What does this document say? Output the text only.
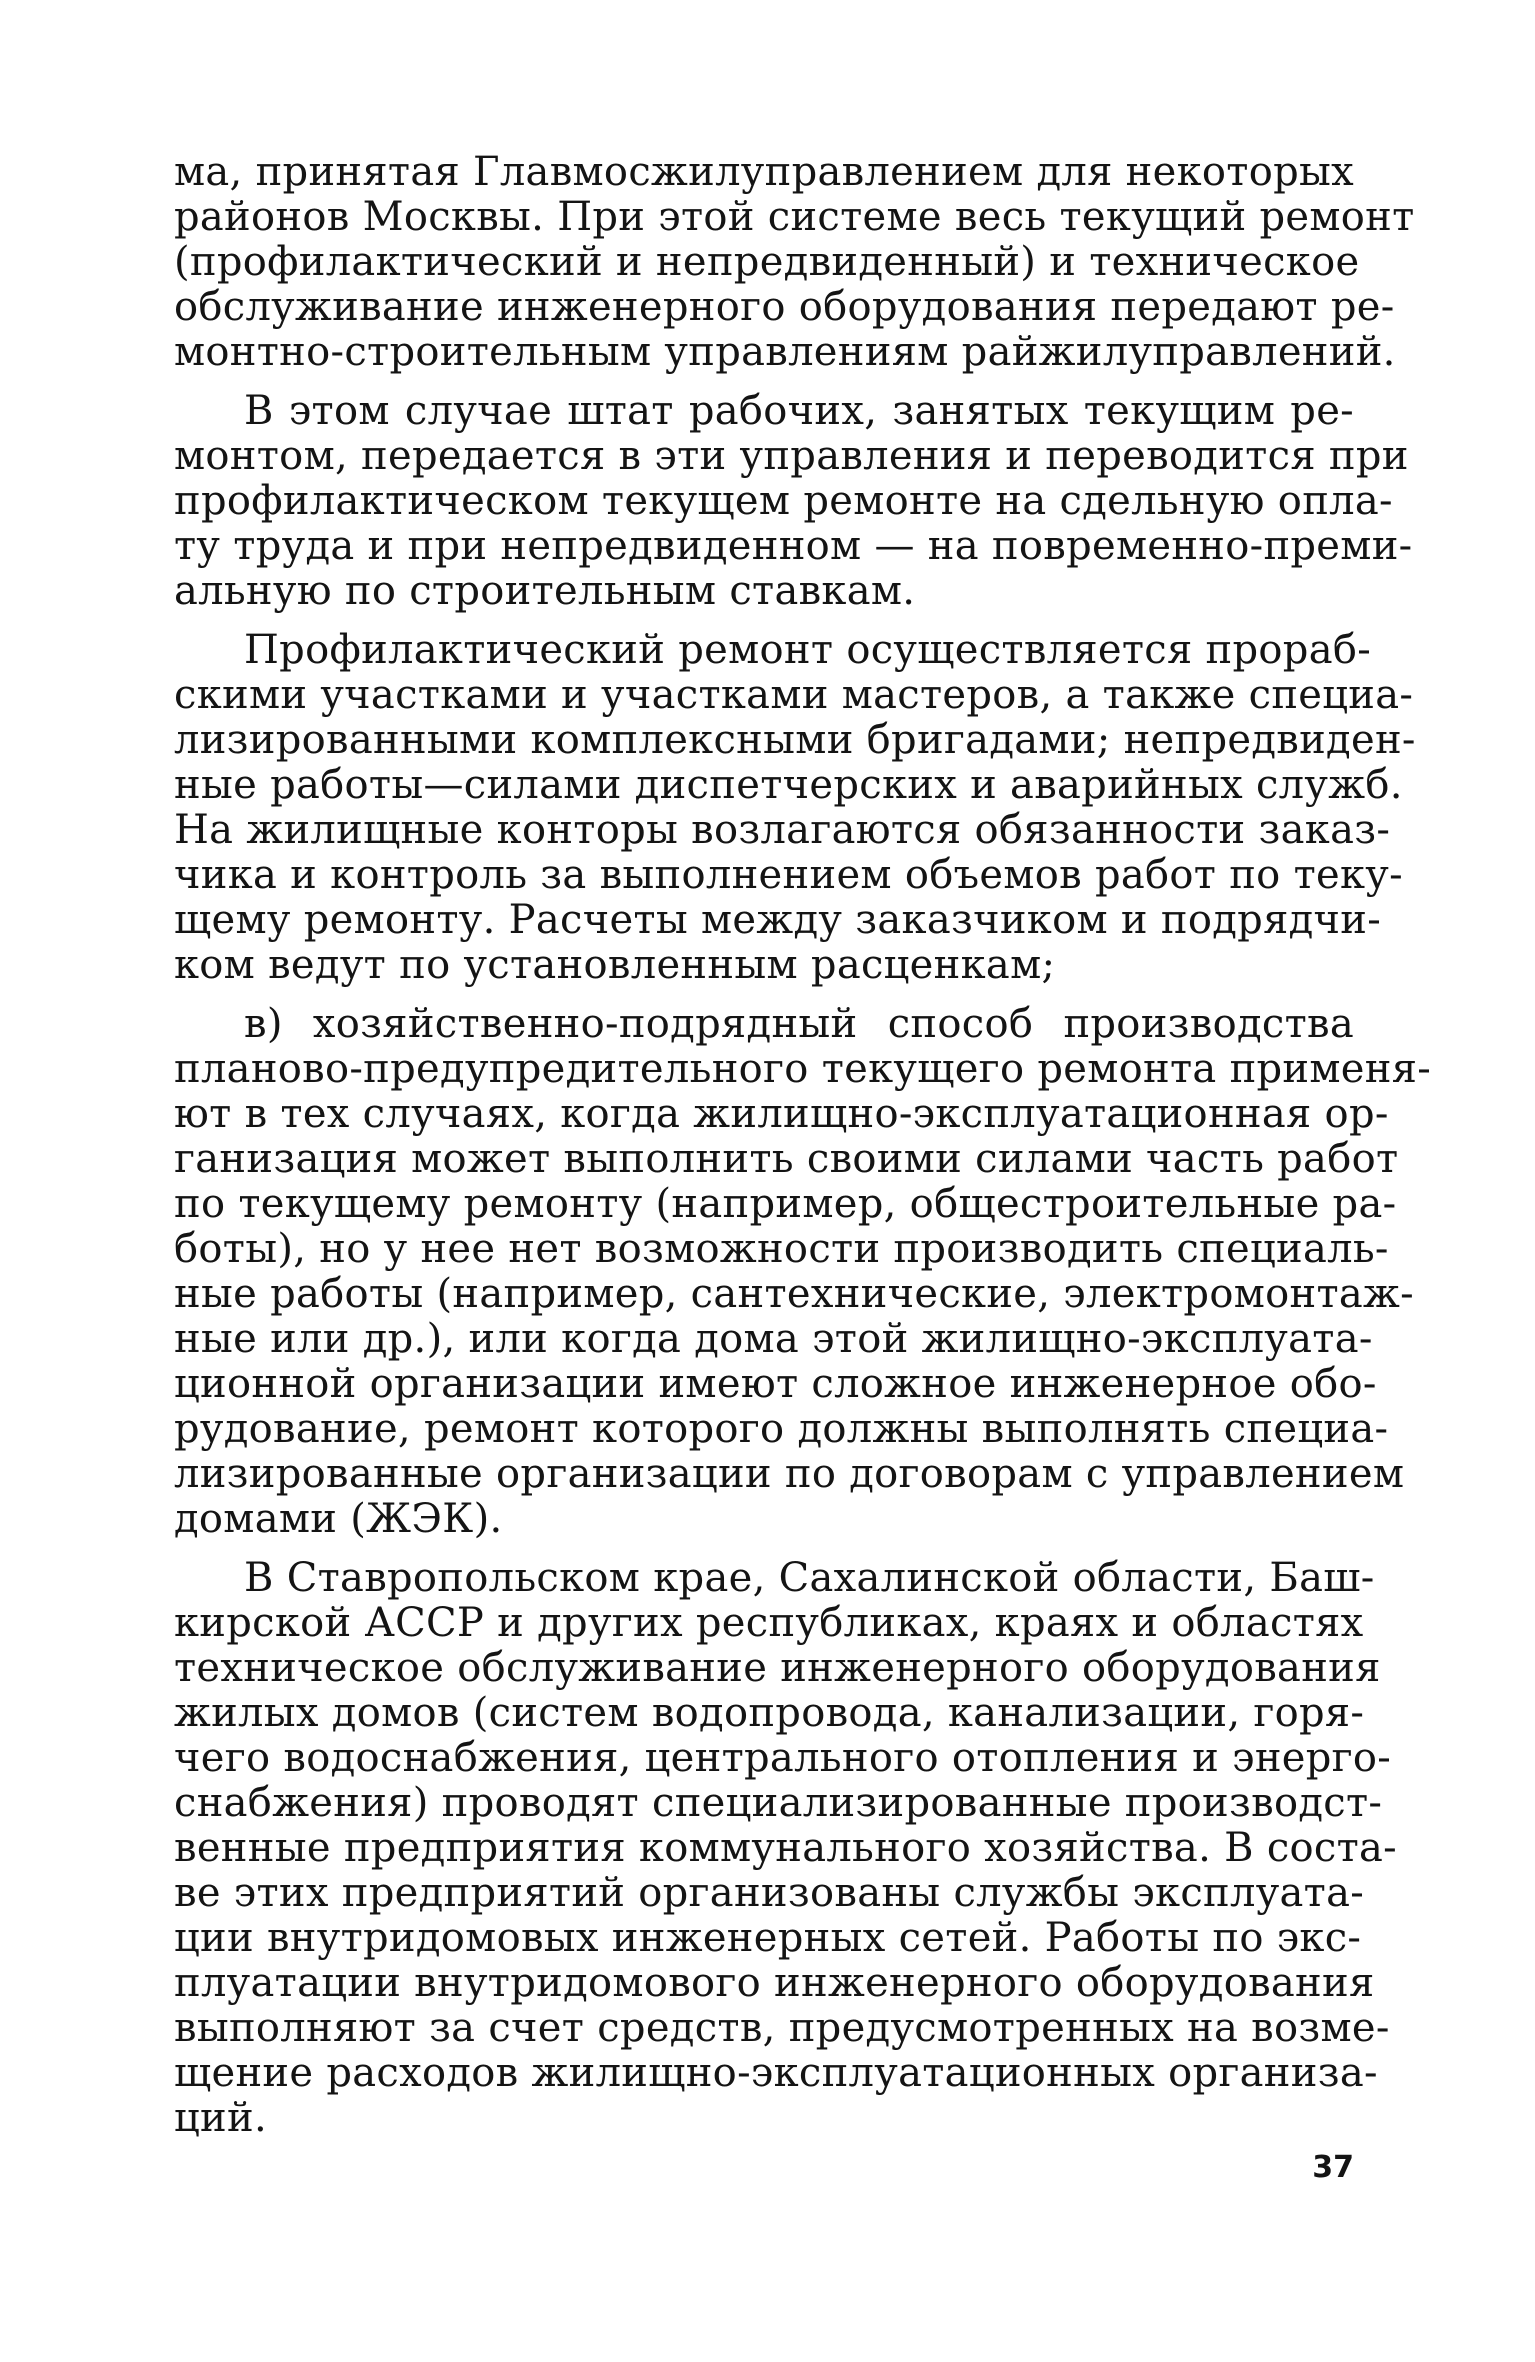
ма, принятая Главмосжилуправлением для некоторых
районов Москвы. При этой системе весь текущий ремонт
(профилактический и непредвиденный) и техническое
обслуживание инженерного оборудования передают ре-
монтно-строительным управлениям райжилуправлений.
В этом случае штат рабочих, занятых текущим ре-
монтом, передается в эти управления и переводится при
профилактическом текущем ремонте на сдельную опла-
ту труда и при непредвиденном — на повременно-преми-
альную по строительным ставкам.
Профилактический ремонт осуществляется прораб-
скими участками и участками мастеров, а также специа-
лизированными комплексными бригадами; непредвиден-
ные работы—силами диспетчерских и аварийных служб.
На жилищные конторы возлагаются обязанности заказ-
чика и контроль за выполнением объемов работ по теку-
щему ремонту. Расчеты между заказчиком и подрядчи-
ком ведут по установленным расценкам;
в) хозяйственно-подрядный способ производства
планово-предупредительного текущего ремонта применя-
ют в тех случаях, когда жилищно-эксплуатационная ор-
ганизация может выполнить своими силами часть работ
по текущему ремонту (например, общестроительные ра-
боты), но у нее нет возможности производить специаль-
ные работы (например, сантехнические, электромонтаж-
ные или др.), или когда дома этой жилищно-эксплуата-
ционной организации имеют сложное инженерное обо-
рудование, ремонт которого должны выполнять специа-
лизированные организации по договорам с управлением
домами (ЖЭК).
В Ставропольском крае, Сахалинской области, Баш-
кирской АССР и других республиках, краях и областях
техническое обслуживание инженерного оборудования
жилых домов (систем водопровода, канализации, горя-
чего водоснабжения, центрального отопления и энерго-
снабжения) проводят специализированные производст-
венные предприятия коммунального хозяйства. В соста-
ве этих предприятий организованы службы эксплуата-
ции внутридомовых инженерных сетей. Работы по экс-
плуатации внутридомового инженерного оборудования
выполняют за счет средств, предусмотренных на возме-
щение расходов жилищно-эксплуатационных организа-
ций.
37
